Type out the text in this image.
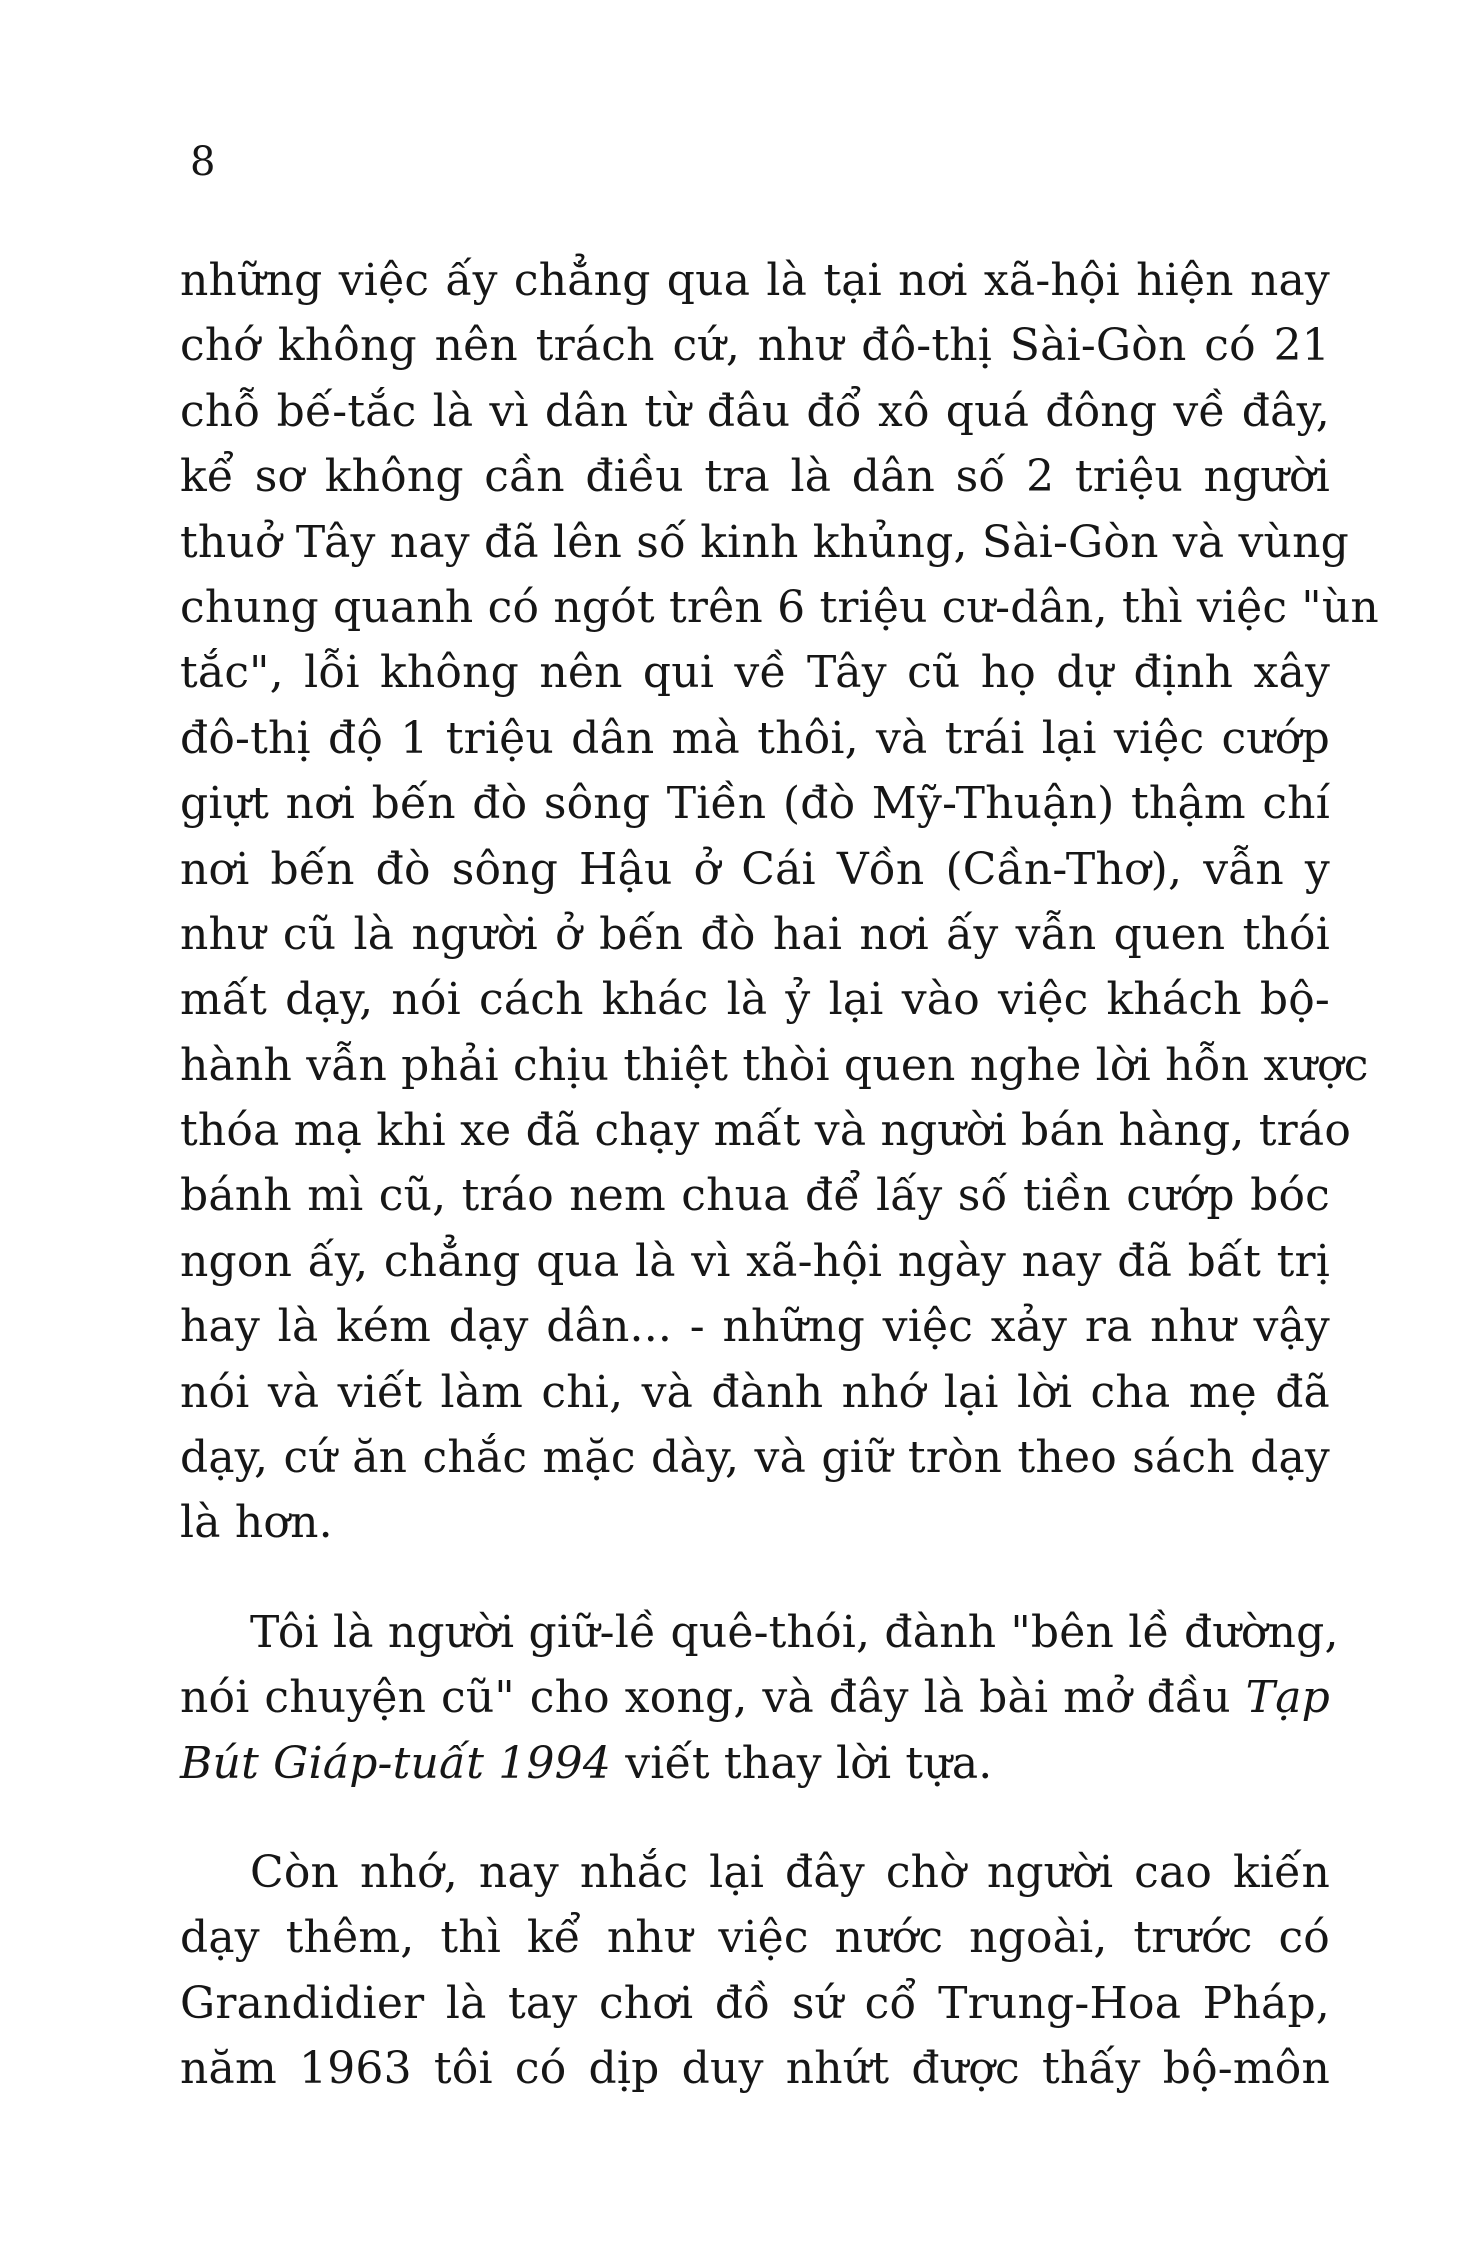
8
những việc ấy chẳng qua là tại nơi xã-hội hiện nay
chớ không nên trách cứ, như đô-thị Sài-Gòn có 21
chỗ bế-tắc là vì dân từ đâu đổ xô quá đông về đây,
kể sơ không cần điều tra là dân số 2 triệu người
thuở Tây nay đã lên số kinh khủng, Sài-Gòn và vùng
chung quanh có ngót trên 6 triệu cư-dân, thì việc "ùn
tắc", lỗi không nên qui về Tây cũ họ dự định xây
đô-thị độ 1 triệu dân mà thôi, và trái lại việc cướp
giựt nơi bến đò sông Tiền (đò Mỹ-Thuận) thậm chí
nơi bến đò sông Hậu ở Cái Vồn (Cần-Thơ), vẫn y
như cũ là người ở bến đò hai nơi ấy vẫn quen thói
mất dạy, nói cách khác là ỷ lại vào việc khách bộ-
hành vẫn phải chịu thiệt thòi quen nghe lời hỗn xược
thóa mạ khi xe đã chạy mất và người bán hàng, tráo
bánh mì cũ, tráo nem chua để lấy số tiền cướp bóc
ngon ấy, chẳng qua là vì xã-hội ngày nay đã bất trị
hay là kém dạy dân... - những việc xảy ra như vậy
nói và viết làm chi, và đành nhớ lại lời cha mẹ đã
dạy, cứ ăn chắc mặc dày, và giữ tròn theo sách dạy
là hơn.
Tôi là người giữ-lề quê-thói, đành "bên lề đường,
nói chuyện cũ" cho xong, và đây là bài mở đầu Tạp
Bút Giáp-tuất 1994 viết thay lời tựa.
Còn nhớ, nay nhắc lại đây chờ người cao kiến
dạy thêm, thì kể như việc nước ngoài, trước có
Grandidier là tay chơi đồ sứ cổ Trung-Hoa Pháp,
năm 1963 tôi có dịp duy nhứt được thấy bộ-môn
